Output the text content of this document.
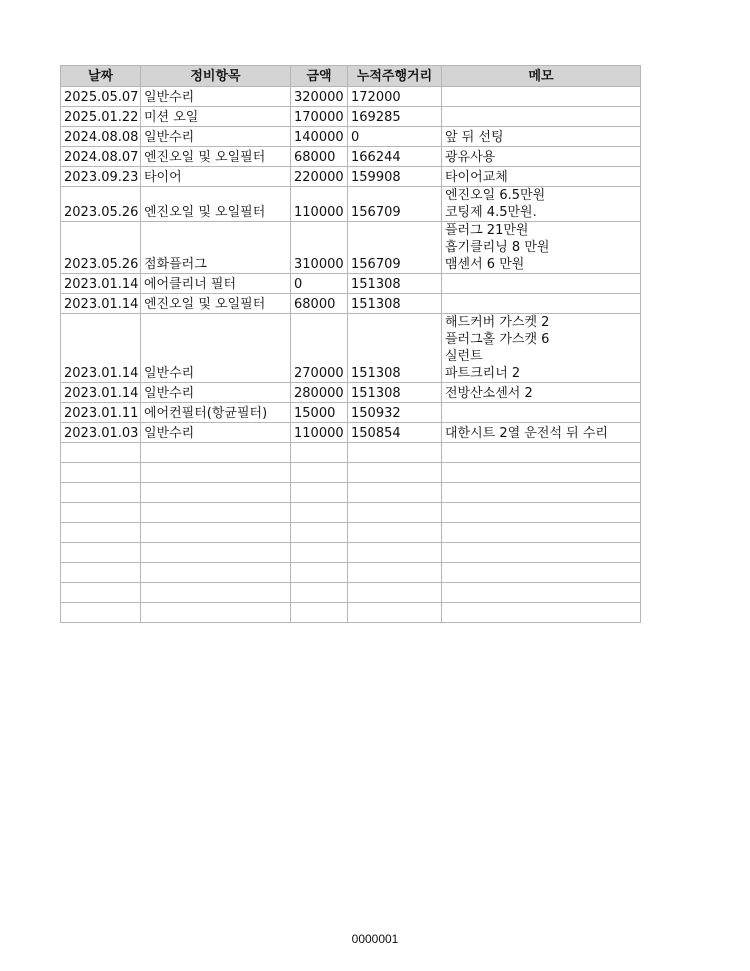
날짜	정비항목	금액	누적주행거리	메모
2025.05.07	일반수리	320000	172000	
2025.01.22	미션 오일	170000	169285	
2024.08.08	일반수리	140000	0	앞 뒤 선팅
2024.08.07	엔진오일 및 오일필터	68000	166244	광유사용
2023.09.23	타이어	220000	159908	타이어교체
2023.05.26	엔진오일 및 오일필터	110000	156709	엔진오일 6.5만원
코팅제 4.5만원.
2023.05.26	점화플러그	310000	156709	플러그 21만원
흡기클리닝 8 만원
맴센서 6 만원
2023.01.14	에어클리너 필터	0	151308	
2023.01.14	엔진오일 및 오일필터	68000	151308	
2023.01.14	일반수리	270000	151308	해드커버 가스켓 2
플러그홀 가스캣 6
실런트
파트크리너 2
2023.01.14	일반수리	280000	151308	전방산소센서 2
2023.01.11	에어컨필터(항균필터)	15000	150932	
2023.01.03	일반수리	110000	150854	대한시트 2열 운전석 뒤 수리

0000001
